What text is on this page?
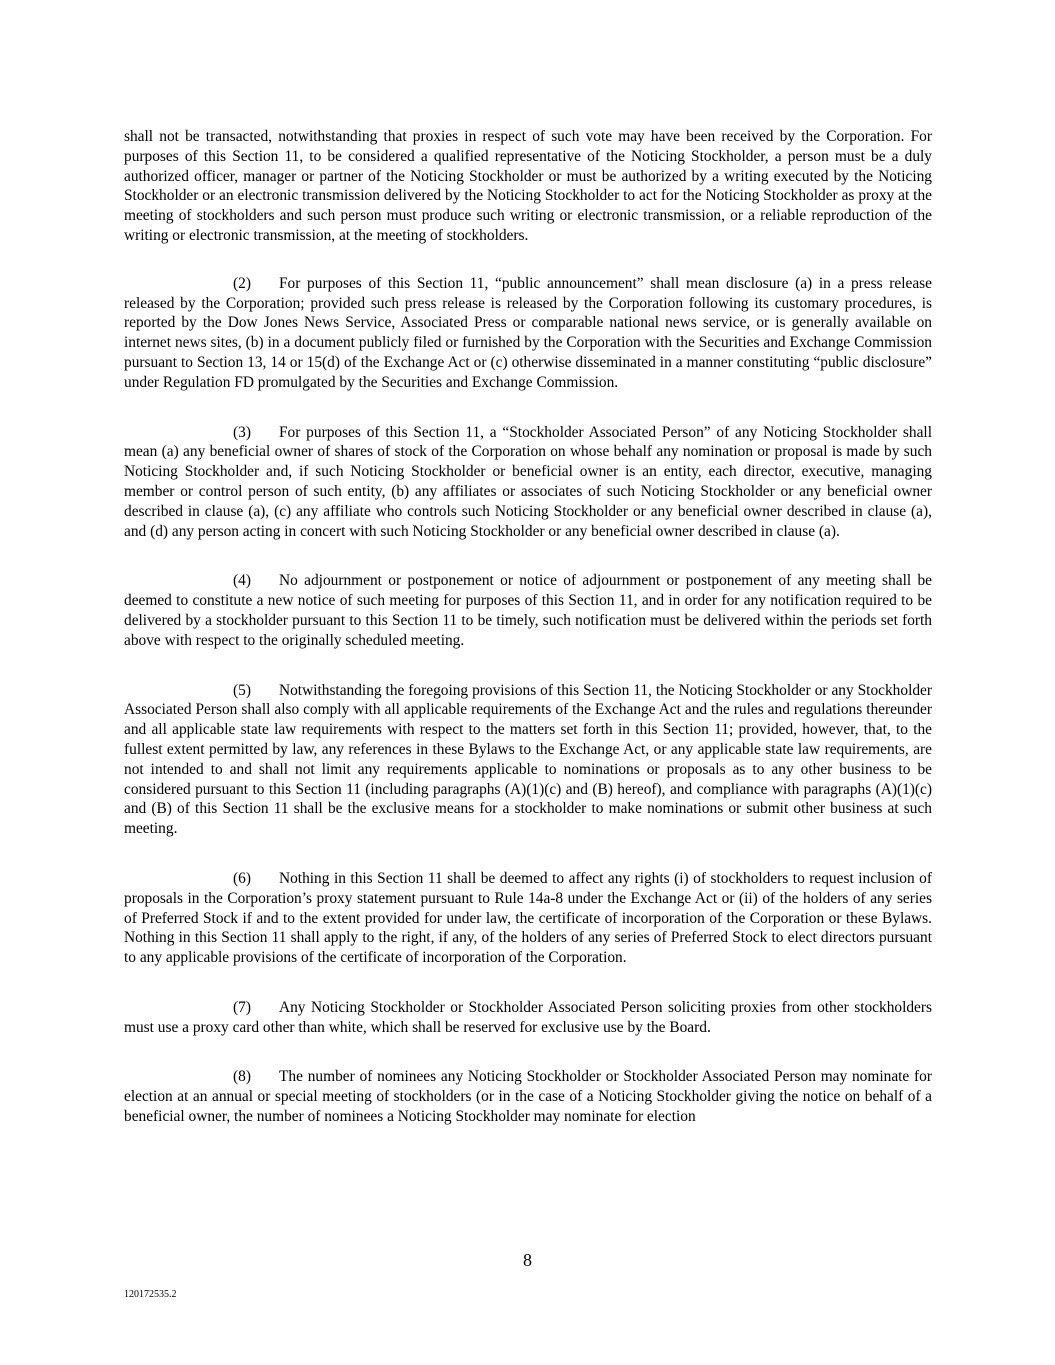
shall not be transacted, notwithstanding that proxies in respect of such vote may have been received by the Corporation. For purposes of this Section 11, to be considered a qualified representative of the Noticing Stockholder, a person must be a duly authorized officer, manager or partner of the Noticing Stockholder or must be authorized by a writing executed by the Noticing Stockholder or an electronic transmission delivered by the Noticing Stockholder to act for the Noticing Stockholder as proxy at the meeting of stockholders and such person must produce such writing or electronic transmission, or a reliable reproduction of the writing or electronic transmission, at the meeting of stockholders.

(2) For purposes of this Section 11, “public announcement” shall mean disclosure (a) in a press release released by the Corporation; provided such press release is released by the Corporation following its customary procedures, is reported by the Dow Jones News Service, Associated Press or comparable national news service, or is generally available on internet news sites, (b) in a document publicly filed or furnished by the Corporation with the Securities and Exchange Commission pursuant to Section 13, 14 or 15(d) of the Exchange Act or (c) otherwise disseminated in a manner constituting “public disclosure” under Regulation FD promulgated by the Securities and Exchange Commission.

(3) For purposes of this Section 11, a “Stockholder Associated Person” of any Noticing Stockholder shall mean (a) any beneficial owner of shares of stock of the Corporation on whose behalf any nomination or proposal is made by such Noticing Stockholder and, if such Noticing Stockholder or beneficial owner is an entity, each director, executive, managing member or control person of such entity, (b) any affiliates or associates of such Noticing Stockholder or any beneficial owner described in clause (a), (c) any affiliate who controls such Noticing Stockholder or any beneficial owner described in clause (a), and (d) any person acting in concert with such Noticing Stockholder or any beneficial owner described in clause (a).

(4) No adjournment or postponement or notice of adjournment or postponement of any meeting shall be deemed to constitute a new notice of such meeting for purposes of this Section 11, and in order for any notification required to be delivered by a stockholder pursuant to this Section 11 to be timely, such notification must be delivered within the periods set forth above with respect to the originally scheduled meeting.

(5) Notwithstanding the foregoing provisions of this Section 11, the Noticing Stockholder or any Stockholder Associated Person shall also comply with all applicable requirements of the Exchange Act and the rules and regulations thereunder and all applicable state law requirements with respect to the matters set forth in this Section 11; provided, however, that, to the fullest extent permitted by law, any references in these Bylaws to the Exchange Act, or any applicable state law requirements, are not intended to and shall not limit any requirements applicable to nominations or proposals as to any other business to be considered pursuant to this Section 11 (including paragraphs (A)(1)(c) and (B) hereof), and compliance with paragraphs (A)(1)(c) and (B) of this Section 11 shall be the exclusive means for a stockholder to make nominations or submit other business at such meeting.

(6) Nothing in this Section 11 shall be deemed to affect any rights (i) of stockholders to request inclusion of proposals in the Corporation’s proxy statement pursuant to Rule 14a-8 under the Exchange Act or (ii) of the holders of any series of Preferred Stock if and to the extent provided for under law, the certificate of incorporation of the Corporation or these Bylaws. Nothing in this Section 11 shall apply to the right, if any, of the holders of any series of Preferred Stock to elect directors pursuant to any applicable provisions of the certificate of incorporation of the Corporation.

(7) Any Noticing Stockholder or Stockholder Associated Person soliciting proxies from other stockholders must use a proxy card other than white, which shall be reserved for exclusive use by the Board.

(8) The number of nominees any Noticing Stockholder or Stockholder Associated Person may nominate for election at an annual or special meeting of stockholders (or in the case of a Noticing Stockholder giving the notice on behalf of a beneficial owner, the number of nominees a Noticing Stockholder may nominate for election

8
120172535.2
